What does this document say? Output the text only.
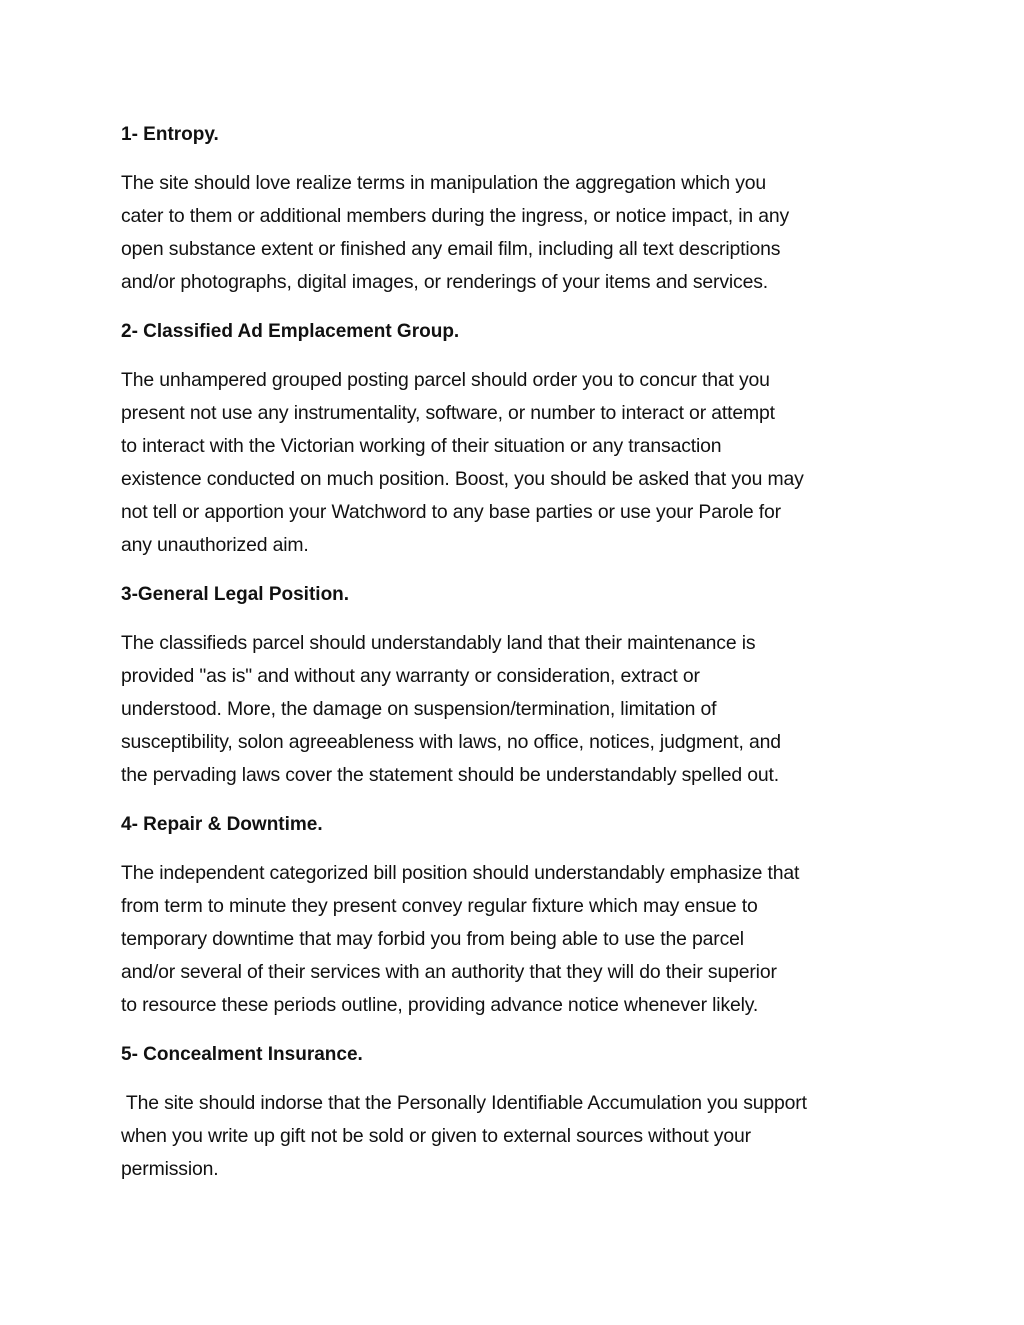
1- Entropy.
The site should love realize terms in manipulation the aggregation which you
cater to them or additional members during the ingress, or notice impact, in any
open substance extent or finished any email film, including all text descriptions
and/or photographs, digital images, or renderings of your items and services.
2- Classified Ad Emplacement Group.
The unhampered grouped posting parcel should order you to concur that you
present not use any instrumentality, software, or number to interact or attempt
to interact with the Victorian working of their situation or any transaction
existence conducted on much position. Boost, you should be asked that you may
not tell or apportion your Watchword to any base parties or use your Parole for
any unauthorized aim.
3-General Legal Position.
The classifieds parcel should understandably land that their maintenance is
provided "as is" and without any warranty or consideration, extract or
understood. More, the damage on suspension/termination, limitation of
susceptibility, solon agreeableness with laws, no office, notices, judgment, and
the pervading laws cover the statement should be understandably spelled out.
4- Repair & Downtime.
The independent categorized bill position should understandably emphasize that
from term to minute they present convey regular fixture which may ensue to
temporary downtime that may forbid you from being able to use the parcel
and/or several of their services with an authority that they will do their superior
to resource these periods outline, providing advance notice whenever likely.
5- Concealment Insurance.
The site should indorse that the Personally Identifiable Accumulation you support
when you write up gift not be sold or given to external sources without your
permission.
